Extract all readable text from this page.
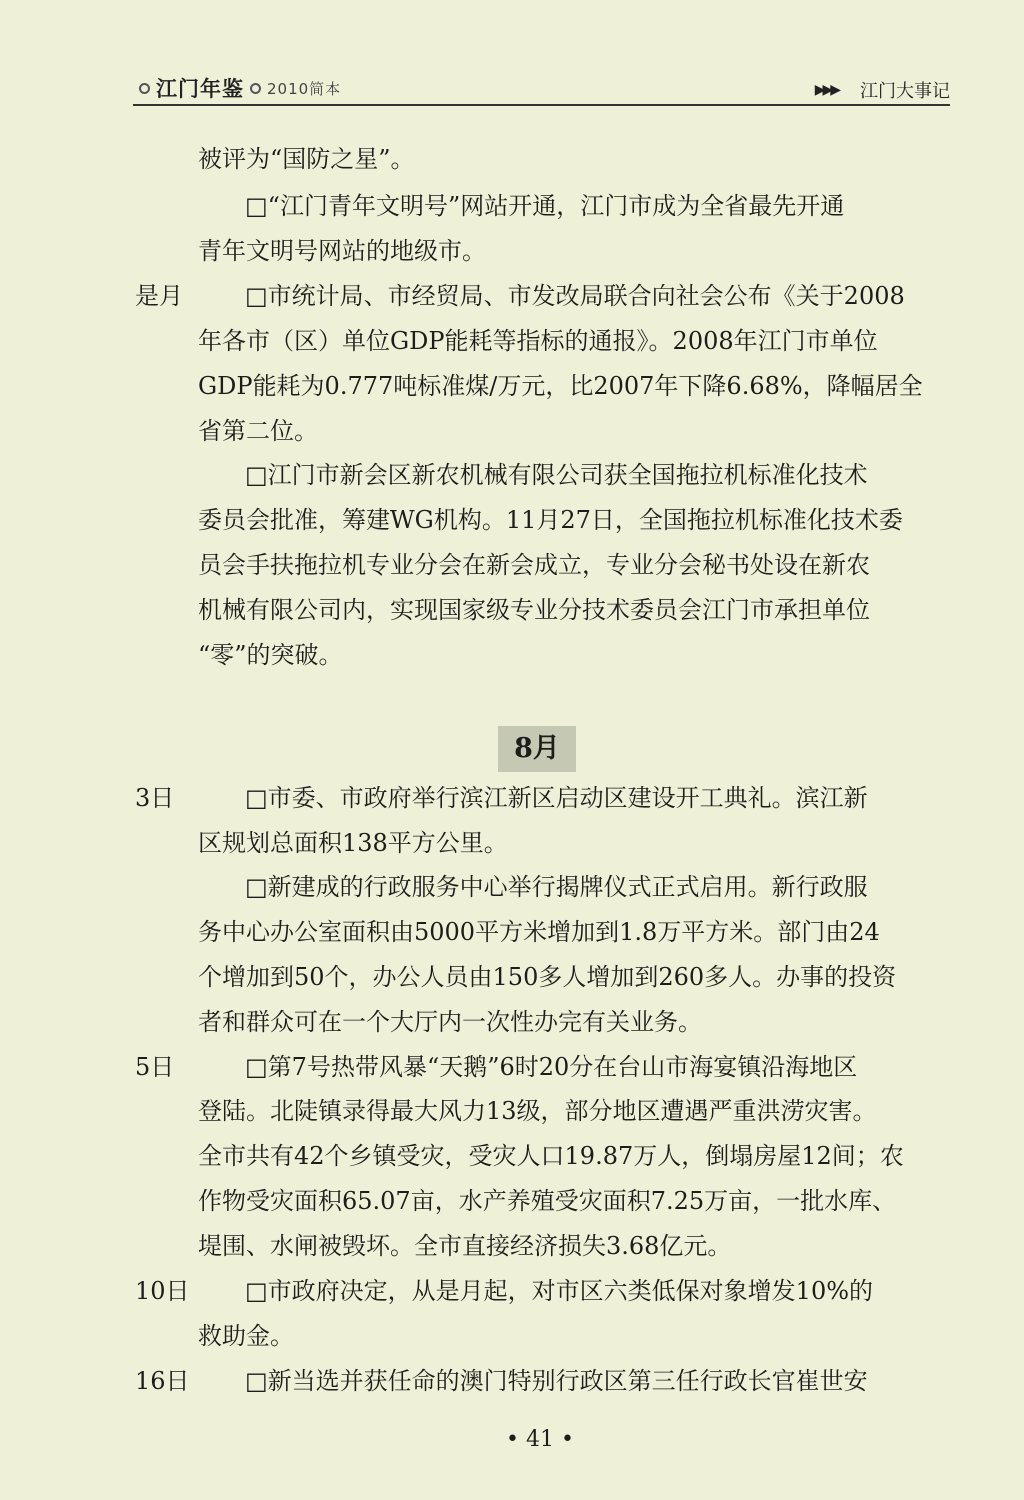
江门年鉴 2010简本	▶▶▶ 江门大事记
被评为“国防之星”。
□“江门青年文明号”网站开通，江门市成为全省最先开通
青年文明号网站的地级市。
是月	□市统计局、市经贸局、市发改局联合向社会公布《关于2008
年各市（区）单位GDP能耗等指标的通报》。2008年江门市单位
GDP能耗为0.777吨标准煤/万元，比2007年下降6.68%，降幅居全
省第二位。
□江门市新会区新农机械有限公司获全国拖拉机标准化技术
委员会批准，筹建WG机构。11月27日，全国拖拉机标准化技术委
员会手扶拖拉机专业分会在新会成立，专业分会秘书处设在新农
机械有限公司内，实现国家级专业分技术委员会江门市承担单位
“零”的突破。
3日	□市委、市政府举行滨江新区启动区建设开工典礼。滨江新
区规划总面积138平方公里。
□新建成的行政服务中心举行揭牌仪式正式启用。新行政服
务中心办公室面积由5000平方米增加到1.8万平方米。部门由24
个增加到50个，办公人员由150多人增加到260多人。办事的投资
者和群众可在一个大厅内一次性办完有关业务。
5日	□第7号热带风暴“天鹅”6时20分在台山市海宴镇沿海地区
登陆。北陡镇录得最大风力13级，部分地区遭遇严重洪涝灾害。
全市共有42个乡镇受灾，受灾人口19.87万人，倒塌房屋12间；农
作物受灾面积65.07亩，水产养殖受灾面积7.25万亩，一批水库、
堤围、水闸被毁坏。全市直接经济损失3.68亿元。
10日 □市政府决定，从是月起，对市区六类低保对象增发10%的
救助金。
16日 □新当选并获任命的澳门特别行政区第三任行政长官崔世安
8月
• 41 •
